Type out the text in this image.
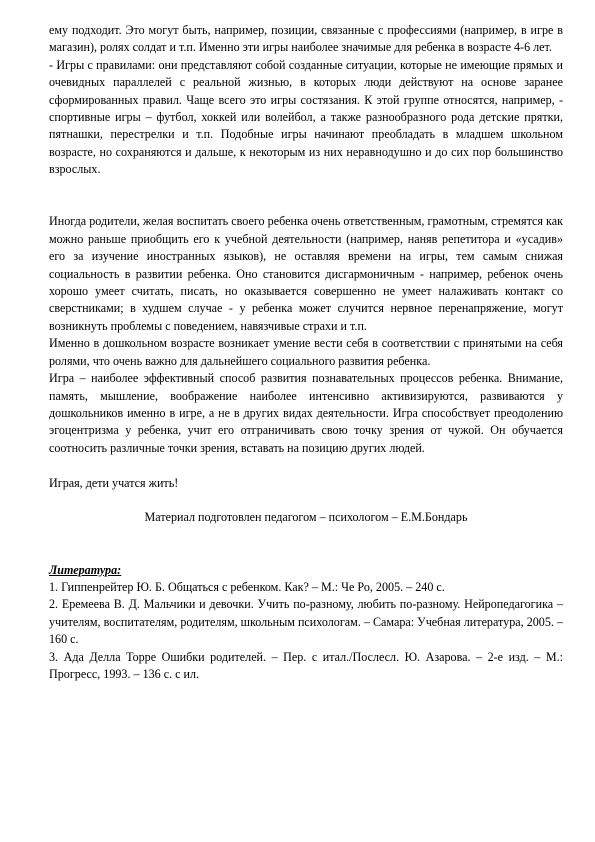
ему подходит. Это могут быть, например, позиции, связанные с профессиями (например, в игре в магазин), ролях солдат и т.п. Именно эти игры наиболее значимые для ребенка в возрасте 4-6 лет.

- Игры с правилами: они представляют собой созданные ситуации, которые не имеющие прямых и очевидных параллелей с реальной жизнью, в которых люди действуют на основе заранее сформированных правил. Чаще всего это игры состязания. К этой группе относятся, например, - спортивные игры – футбол, хоккей или волейбол, а также разнообразного рода детские прятки, пятнашки, перестрелки и т.п. Подобные игры начинают преобладать в младшем школьном возрасте, но сохраняются и дальше, к некоторым из них неравнодушно и до сих пор большинство взрослых.

Иногда родители, желая воспитать своего ребенка очень ответственным, грамотным, стремятся как можно раньше приобщить его к учебной деятельности (например, наняв репетитора и «усадив» его за изучение иностранных языков), не оставляя времени на игры, тем самым снижая социальность в развитии ребенка. Оно становится дисгармоничным - например, ребенок очень хорошо умеет считать, писать, но оказывается совершенно не умеет налаживать контакт со сверстниками; в худшем случае - у ребенка может случится нервное перенапряжение, могут возникнуть проблемы с поведением, навязчивые страхи и т.п.

Именно в дошкольном возрасте возникает умение вести себя в соответствии с принятыми на себя ролями, что очень важно для дальнейшего социального развития ребенка.

Игра – наиболее эффективный способ развития познавательных процессов ребенка. Внимание, память, мышление, воображение наиболее интенсивно активизируются, развиваются у дошкольников именно в игре, а не в других видах деятельности. Игра способствует преодолению эгоцентризма у ребенка, учит его отграничивать свою точку зрения от чужой. Он обучается соотносить различные точки зрения, вставать на позицию других людей.

Играя, дети учатся жить!

Материал подготовлен педагогом – психологом – Е.М.Бондарь

Литература:

1. Гиппенрейтер Ю. Б. Общаться с ребенком. Как? – М.: Че Ро, 2005. – 240 с.

2. Еремеева В. Д. Мальчики и девочки. Учить по-разному, любить по-разному. Нейропедагогика – учителям, воспитателям, родителям, школьным психологам. – Самара: Учебная литература, 2005. – 160 с.

3. Ада Делла Торре Ошибки родителей. – Пер. с итал./Послесл. Ю. Азарова. – 2-е изд. – М.: Прогресс, 1993. – 136 с. с ил.
